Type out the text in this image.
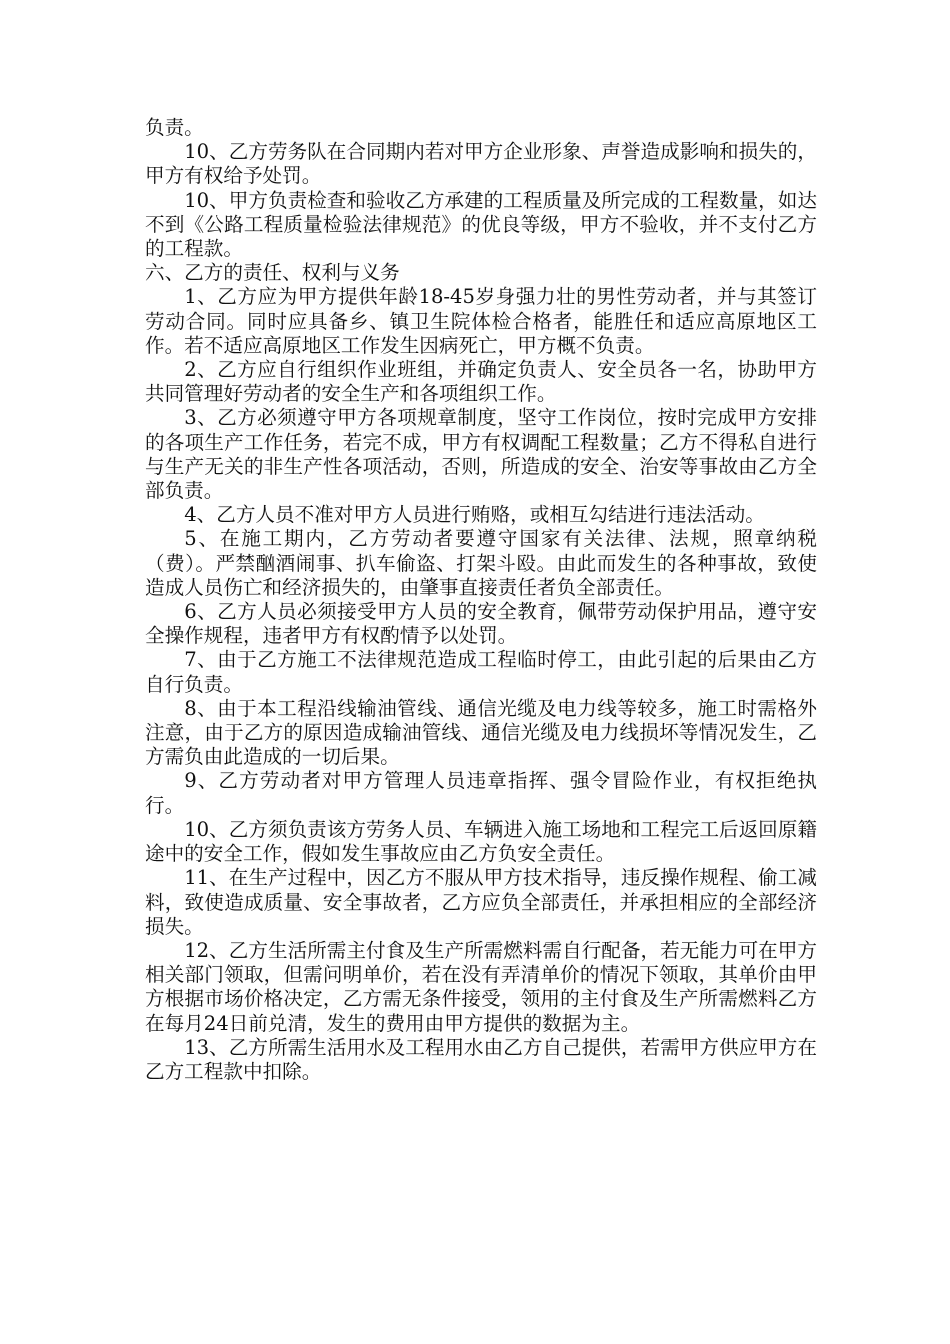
负责。

10、乙方劳务队在合同期内若对甲方企业形象、声誉造成影响和损失的，甲方有权给予处罚。

10、甲方负责检查和验收乙方承建的工程质量及所完成的工程数量，如达不到《公路工程质量检验法律规范》的优良等级，甲方不验收，并不支付乙方的工程款。

六、乙方的责任、权利与义务

1、乙方应为甲方提供年龄18-45岁身强力壮的男性劳动者，并与其签订劳动合同。同时应具备乡、镇卫生院体检合格者，能胜任和适应高原地区工作。若不适应高原地区工作发生因病死亡，甲方概不负责。

2、乙方应自行组织作业班组，并确定负责人、安全员各一名，协助甲方共同管理好劳动者的安全生产和各项组织工作。

3、乙方必须遵守甲方各项规章制度，坚守工作岗位，按时完成甲方安排的各项生产工作任务，若完不成，甲方有权调配工程数量；乙方不得私自进行与生产无关的非生产性各项活动，否则，所造成的安全、治安等事故由乙方全部负责。

4、乙方人员不准对甲方人员进行贿赂，或相互勾结进行违法活动。

5、在施工期内，乙方劳动者要遵守国家有关法律、法规，照章纳税（费）。严禁酗酒闹事、扒车偷盗、打架斗殴。由此而发生的各种事故，致使造成人员伤亡和经济损失的，由肇事直接责任者负全部责任。

6、乙方人员必须接受甲方人员的安全教育，佩带劳动保护用品，遵守安全操作规程，违者甲方有权酌情予以处罚。

7、由于乙方施工不法律规范造成工程临时停工，由此引起的后果由乙方自行负责。

8、由于本工程沿线输油管线、通信光缆及电力线等较多，施工时需格外注意，由于乙方的原因造成输油管线、通信光缆及电力线损坏等情况发生，乙方需负由此造成的一切后果。

9、乙方劳动者对甲方管理人员违章指挥、强令冒险作业，有权拒绝执行。

10、乙方须负责该方劳务人员、车辆进入施工场地和工程完工后返回原籍途中的安全工作，假如发生事故应由乙方负安全责任。

11、在生产过程中，因乙方不服从甲方技术指导，违反操作规程、偷工减料，致使造成质量、安全事故者，乙方应负全部责任，并承担相应的全部经济损失。

12、乙方生活所需主付食及生产所需燃料需自行配备，若无能力可在甲方相关部门领取，但需问明单价，若在没有弄清单价的情况下领取，其单价由甲方根据市场价格决定，乙方需无条件接受，领用的主付食及生产所需燃料乙方在每月24日前兑清，发生的费用由甲方提供的数据为主。

13、乙方所需生活用水及工程用水由乙方自己提供，若需甲方供应甲方在乙方工程款中扣除。
